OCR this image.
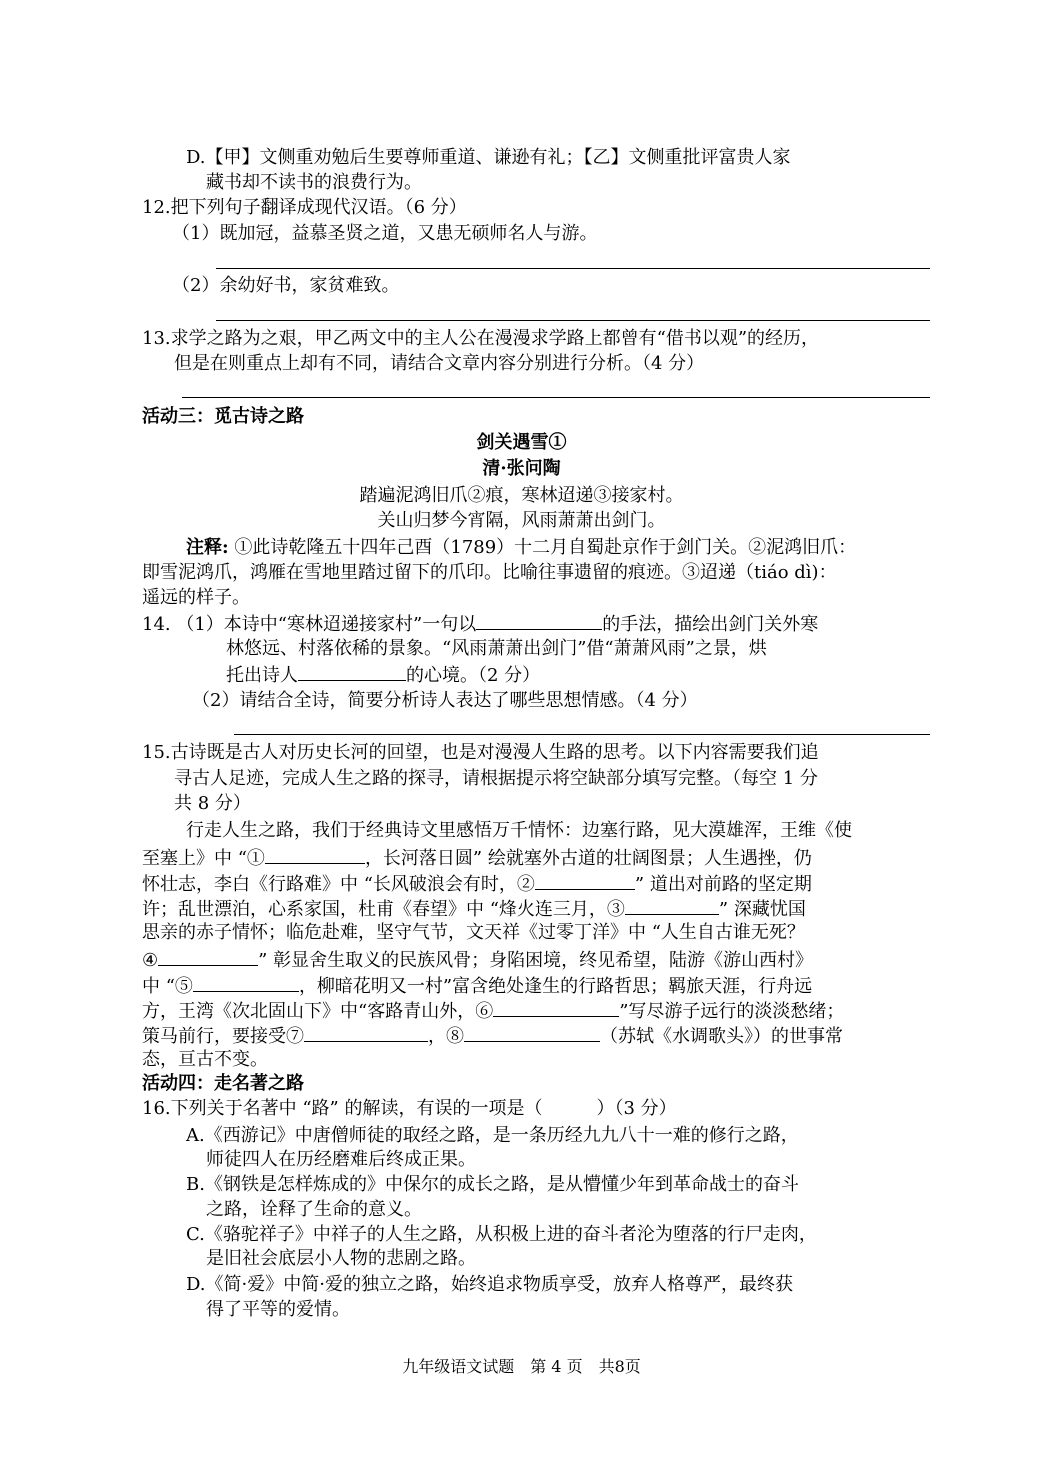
D.【甲】文侧重劝勉后生要尊师重道、谦逊有礼；【乙】文侧重批评富贵人家
藏书却不读书的浪费行为。
12.把下列句子翻译成现代汉语。（6 分）
（1）既加冠，益慕圣贤之道，又患无硕师名人与游。
（2）余幼好书，家贫难致。
13.求学之路为之艰，甲乙两文中的主人公在漫漫求学路上都曾有“借书以观”的经历，
但是在则重点上却有不同，请结合文章内容分别进行分析。（4 分）
活动三：觅古诗之路
剑关遇雪①
清·张问陶
踏遍泥鸿旧爪②痕，寒林迢递③接家村。
关山归梦今宵隔，风雨萧萧出剑门。
注释: ①此诗乾隆五十四年己酉（1789）十二月自蜀赴京作于剑门关。②泥鸿旧爪：
即雪泥鸿爪，鸿雁在雪地里踏过留下的爪印。比喻往事遗留的痕迹。③迢递（tiáo dì)：
遥远的样子。
14. （1）本诗中“寒林迢递接家村”一句以	的手法，描绘出剑门关外寒
林悠远、村落依稀的景象。“风雨萧萧出剑门”借“萧萧风雨”之景，烘
托出诗人	的心境。（2 分）
（2）请结合全诗，简要分析诗人表达了哪些思想情感。（4 分）
15.古诗既是古人对历史长河的回望，也是对漫漫人生路的思考。以下内容需要我们追
寻古人足迹，完成人生之路的探寻，请根据提示将空缺部分填写完整。（每空 1 分
共 8 分）
行走人生之路，我们于经典诗文里感悟万千情怀：边塞行路，见大漠雄浑，王维《使
至塞上》中 “①	，长河落日圆” 绘就塞外古道的壮阔图景；人生遇挫，仍
怀壮志，李白《行路难》中 “长风破浪会有时，②	” 道出对前路的坚定期
许；乱世漂泊，心系家国，杜甫《春望》中 “烽火连三月，③	” 深藏忧国
思亲的赤子情怀；临危赴难，坚守气节，文天祥《过零丁洋》中 “人生自古谁无死？
④	” 彰显舍生取义的民族风骨；身陷困境，终见希望，陆游《游山西村》
中 “⑤	，柳暗花明又一村”富含绝处逢生的行路哲思；羁旅天涯，行舟远
方，王湾《次北固山下》中“客路青山外，⑥	”写尽游子远行的淡淡愁绪；
策马前行，要接受⑦	，⑧	（苏轼《水调歌头》）的世事常
态，亘古不变。
活动四：走名著之路
16.下列关于名著中 “路” 的解读，有误的一项是（　　　）（3 分）
A.《西游记》中唐僧师徒的取经之路，是一条历经九九八十一难的修行之路，
师徒四人在历经磨难后终成正果。
B.《钢铁是怎样炼成的》中保尔的成长之路，是从懵懂少年到革命战士的奋斗
之路，诠释了生命的意义。
C.《骆驼祥子》中祥子的人生之路，从积极上进的奋斗者沦为堕落的行尸走肉，
是旧社会底层小人物的悲剧之路。
D.《简·爱》中简·爱的独立之路，始终追求物质享受，放弃人格尊严，最终获
得了平等的爱情。
九年级语文试题　第 4 页　共8页
